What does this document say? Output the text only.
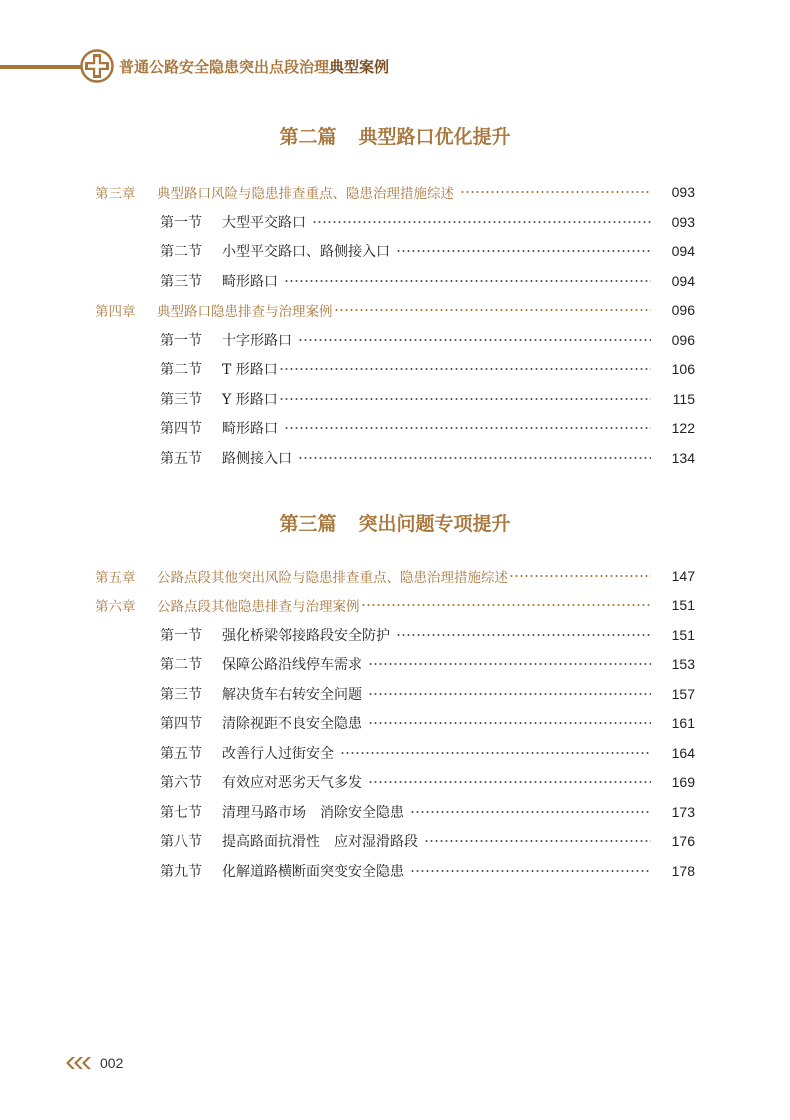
普通公路安全隐患突出点段治理典型案例
第二篇 典型路口优化提升
第三章 典型路口风险与隐患排查重点、隐患治理措施综述	093
第一节 大型平交路口	093
第二节 小型平交路口、路侧接入口	094
第三节 畸形路口	094
第四章 典型路口隐患排查与治理案例	096
第一节 十字形路口	096
第二节 T 形路口	106
第三节 Y 形路口	115
第四节 畸形路口	122
第五节 路侧接入口	134
第三篇 突出问题专项提升
第五章 公路点段其他突出风险与隐患排查重点、隐患治理措施综述	147
第六章 公路点段其他隐患排查与治理案例	151
第一节 强化桥梁邻接路段安全防护	151
第二节 保障公路沿线停车需求	153
第三节 解决货车右转安全问题	157
第四节 清除视距不良安全隐患	161
第五节 改善行人过街安全	164
第六节 有效应对恶劣天气多发	169
第七节 清理马路市场　消除安全隐患	173
第八节 提高路面抗滑性　应对湿滑路段	176
第九节 化解道路横断面突变安全隐患	178
002
